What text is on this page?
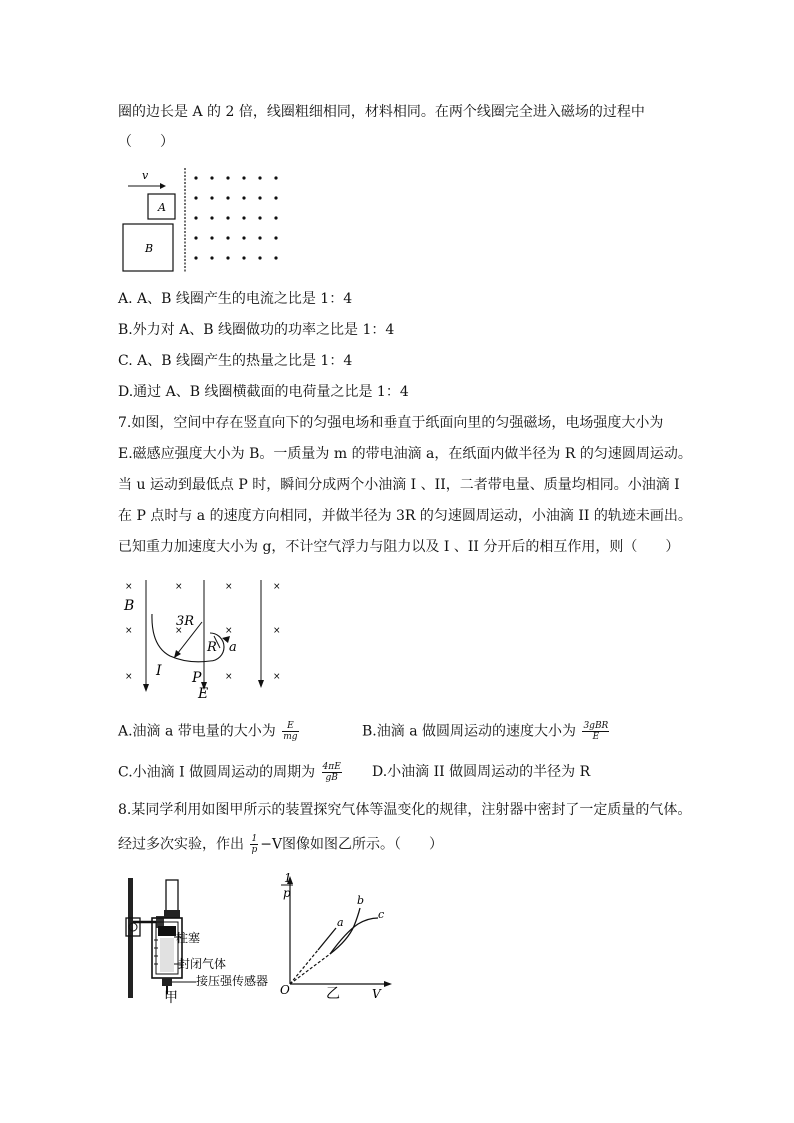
圈的边长是 A 的 2 倍，线圈粗细相同，材料相同。在两个线圈完全进入磁场的过程中
（　　）
v
A
B
A. A、B 线圈产生的电流之比是 1：4
B.外力对 A、B 线圈做功的功率之比是 1：4
C. A、B 线圈产生的热量之比是 1：4
D.通过 A、B 线圈横截面的电荷量之比是 1：4
7.如图，空间中存在竖直向下的匀强电场和垂直于纸面向里的匀强磁场，电场强度大小为
E.磁感应强度大小为 B。一质量为 m 的带电油滴 a，在纸面内做半径为 R 的匀速圆周运动。
当 u 运动到最低点 P 时，瞬间分成两个小油滴 I 、II，二者带电量、质量均相同。小油滴 I
在 P 点时与 a 的速度方向相同，并做半径为 3R 的匀速圆周运动，小油滴 II 的轨迹未画出。
已知重力加速度大小为 g，不计空气浮力与阻力以及 I 、II 分开后的相互作用，则（　　）
×	×	×	×
×	×	×	×
×	×	×
B
3R
R a
I P
E
A.油滴 a 带电量的大小为 $\frac{E}{mg}$	B.油滴 a 做圆周运动的速度大小为 $\frac{\text{3gBR}}{E}$
C.小油滴 I 做圆周运动的周期为 $\frac{4\pi E}{gB} D$.小油滴 II 做圆周运动的半径为 R
8.某同学利用如图甲所示的装置探究气体等温变化的规律，注射器中密封了一定质量的气体。
经过多次实验，作出 $\frac{1}{p} -V$图像如图乙所示。（　　）
柱塞
封闭气体
接压强传感器
甲
1
p
a
b
c
O	乙	V
